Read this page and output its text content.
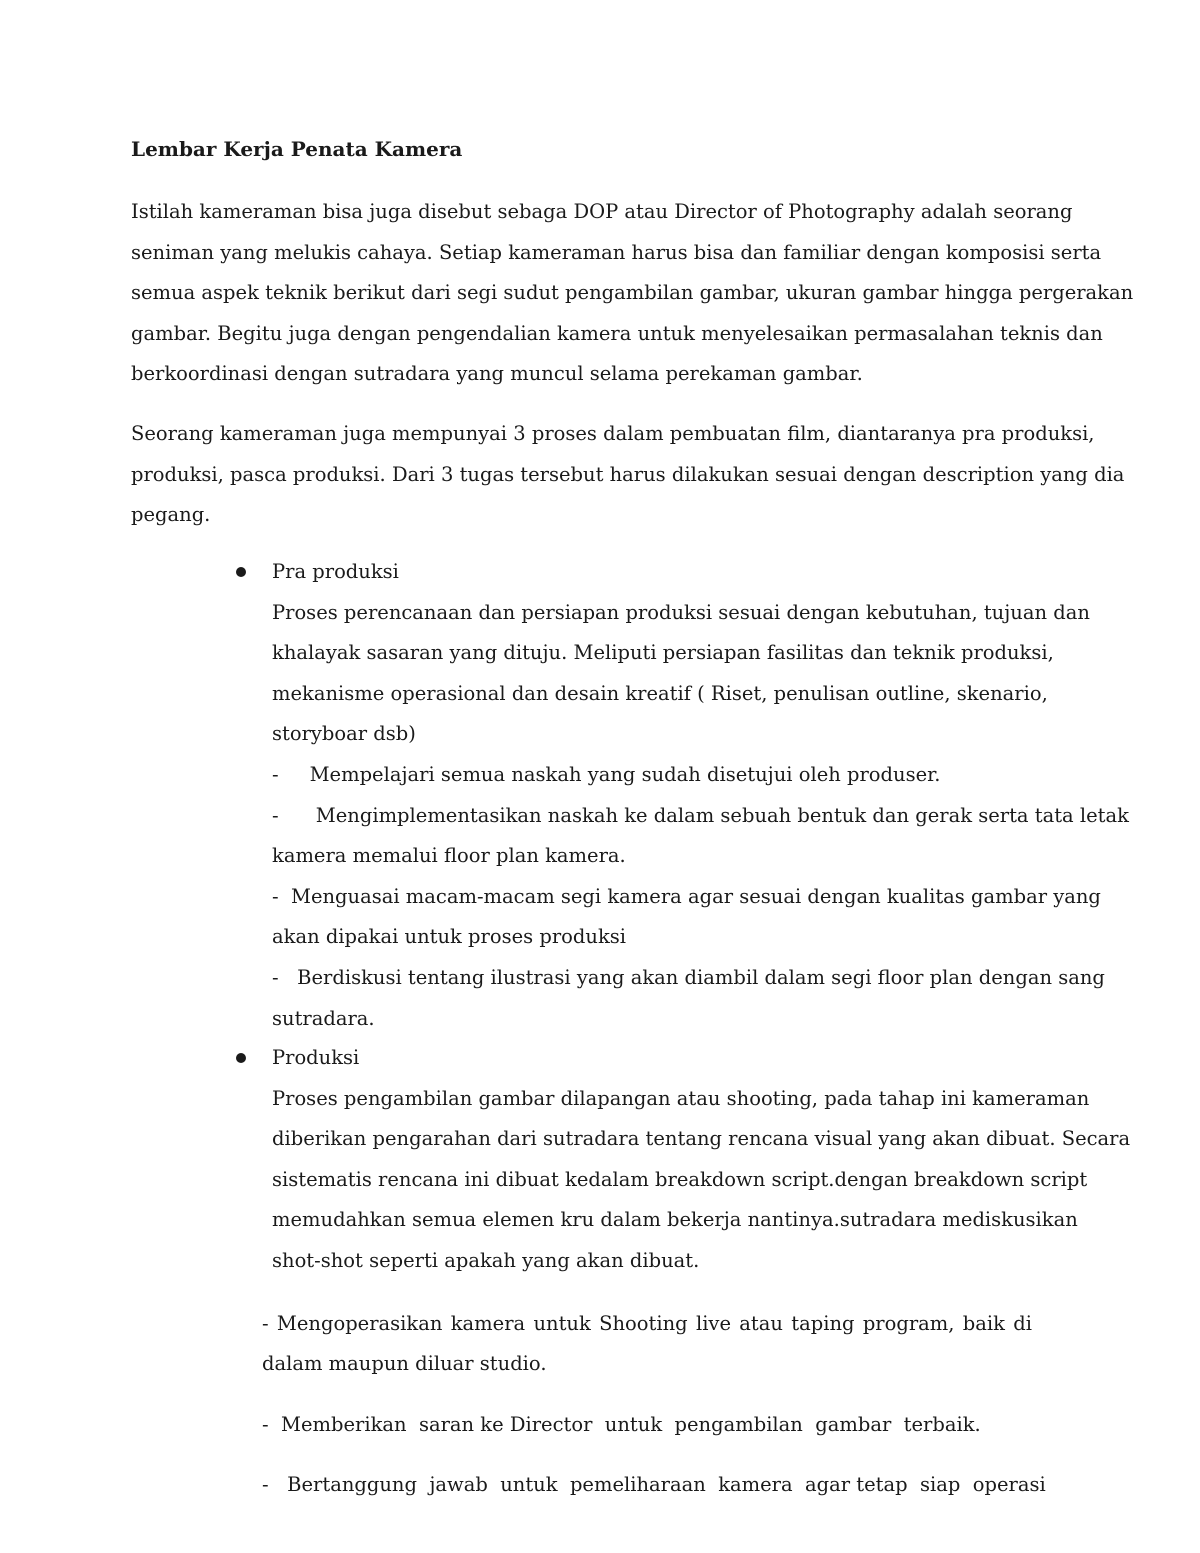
Lembar Kerja Penata Kamera

Istilah kameraman bisa juga disebut sebaga DOP atau Director of Photography adalah seorang
seniman yang melukis cahaya. Setiap kameraman harus bisa dan familiar dengan komposisi serta
semua aspek teknik berikut dari segi sudut pengambilan gambar, ukuran gambar hingga pergerakan
gambar. Begitu juga dengan pengendalian kamera untuk menyelesaikan permasalahan teknis dan
berkoordinasi dengan sutradara yang muncul selama perekaman gambar.

Seorang kameraman juga mempunyai 3 proses dalam pembuatan film, diantaranya pra produksi,
produksi, pasca produksi. Dari 3 tugas tersebut harus dilakukan sesuai dengan description yang dia
pegang.

Pra produksi
Proses perencanaan dan persiapan produksi sesuai dengan kebutuhan, tujuan dan
khalayak sasaran yang dituju. Meliputi persiapan fasilitas dan teknik produksi,
mekanisme operasional dan desain kreatif ( Riset, penulisan outline, skenario,
storyboar dsb)
-     Mempelajari semua naskah yang sudah disetujui oleh produser.
-      Mengimplementasikan naskah ke dalam sebuah bentuk dan gerak serta tata letak
kamera memalui floor plan kamera.
-  Menguasai macam-macam segi kamera agar sesuai dengan kualitas gambar yang
akan dipakai untuk proses produksi
-   Berdiskusi tentang ilustrasi yang akan diambil dalam segi floor plan dengan sang
sutradara.

Produksi
Proses pengambilan gambar dilapangan atau shooting, pada tahap ini kameraman
diberikan pengarahan dari sutradara tentang rencana visual yang akan dibuat. Secara
sistematis rencana ini dibuat kedalam breakdown script.dengan breakdown script
memudahkan semua elemen kru dalam bekerja nantinya.sutradara mediskusikan
shot-shot seperti apakah yang akan dibuat.

- Mengoperasikan kamera untuk Shooting live atau taping program, baik di
dalam maupun diluar studio.

-  Memberikan  saran ke Director  untuk  pengambilan  gambar  terbaik.

-   Bertanggung  jawab  untuk  pemeliharaan  kamera  agar tetap  siap  operasi
